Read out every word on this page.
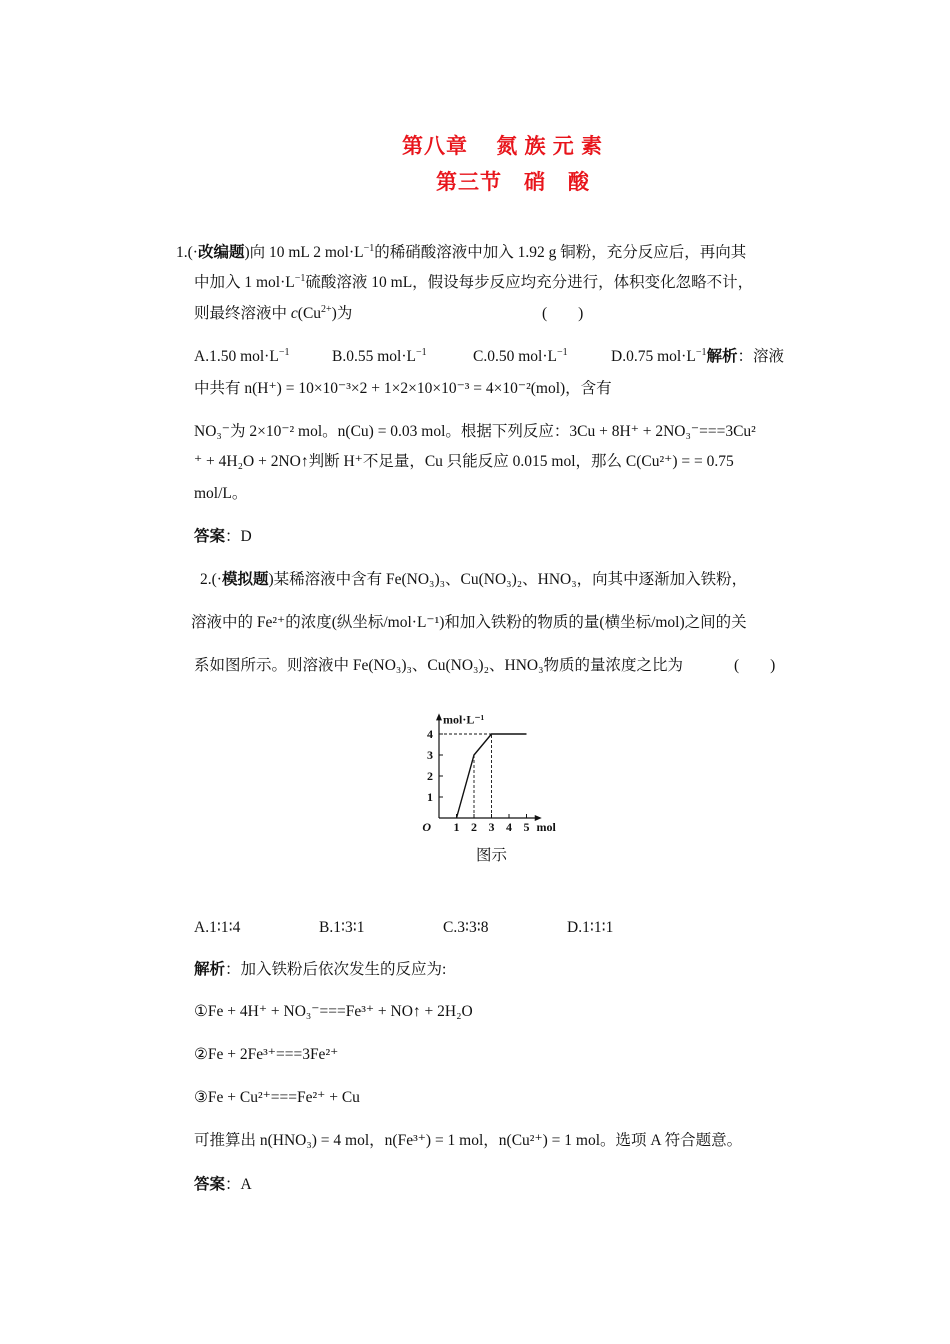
第八章　 氮 族 元 素
第三节　硝　酸
1.(·改编题)向 10 mL 2 $mol\cdot L^{-1}$的稀硝酸溶液中加入 1.92 g 铜粉，充分反应后，再向其
中加入 1 $mol\cdot L^{-1}$硫酸溶液 10 mL，假设每步反应均充分进行，体积变化忽略不计，
则最终溶液中 $c(Cu^{2+})$为	(　　)
A.1.50 $mol\cdot L^{-1}$	B.0.55 $mol\cdot L^{-1}$	C.0.50 $mol\cdot L^{-1}$	D.0.75 $mol\cdot L^{-1}$解析：溶液
中共有 n(H⁺) = 10×10⁻³×2 + 1×2×10×10⁻³ = 4×10⁻²(mol)，含有
NO₃⁻为 2×10⁻² mol。n(Cu) = 0.03 mol。根据下列反应：3Cu + 8H⁺ + 2NO₃⁻===3Cu²
⁺ + 4H₂O + 2NO↑判断 H⁺不足量，Cu 只能反应 0.015 mol，那么 C(Cu²⁺) = = 0.75
mol/L。
答案：D
2.(·模拟题)某稀溶液中含有 Fe(NO₃)₃、Cu(NO₃)₂、HNO₃，向其中逐渐加入铁粉，
溶液中的 Fe²⁺的浓度(纵坐标/mol·L⁻¹)和加入铁粉的物质的量(横坐标/mol)之间的关
系如图所示。则溶液中 Fe(NO₃)₃、Cu(NO₃)₂、HNO₃物质的量浓度之比为	(　　)
1 2 3 4 5
1
2
3
4
O	mol
mol·L⁻¹
图示
A.1∶1∶4	B.1∶3∶1	C.3∶3∶8	D.1∶1∶1
解析：加入铁粉后依次发生的反应为:
①Fe + 4H⁺ + NO₃⁻===Fe³⁺ + NO↑ + 2H₂O
②Fe + 2Fe³⁺===3Fe²⁺
③Fe + Cu²⁺===Fe²⁺ + Cu
可推算出 n(HNO₃) = 4 mol，n(Fe³⁺) = 1 mol，n(Cu²⁺) = 1 mol。选项 A 符合题意。
答案：A
